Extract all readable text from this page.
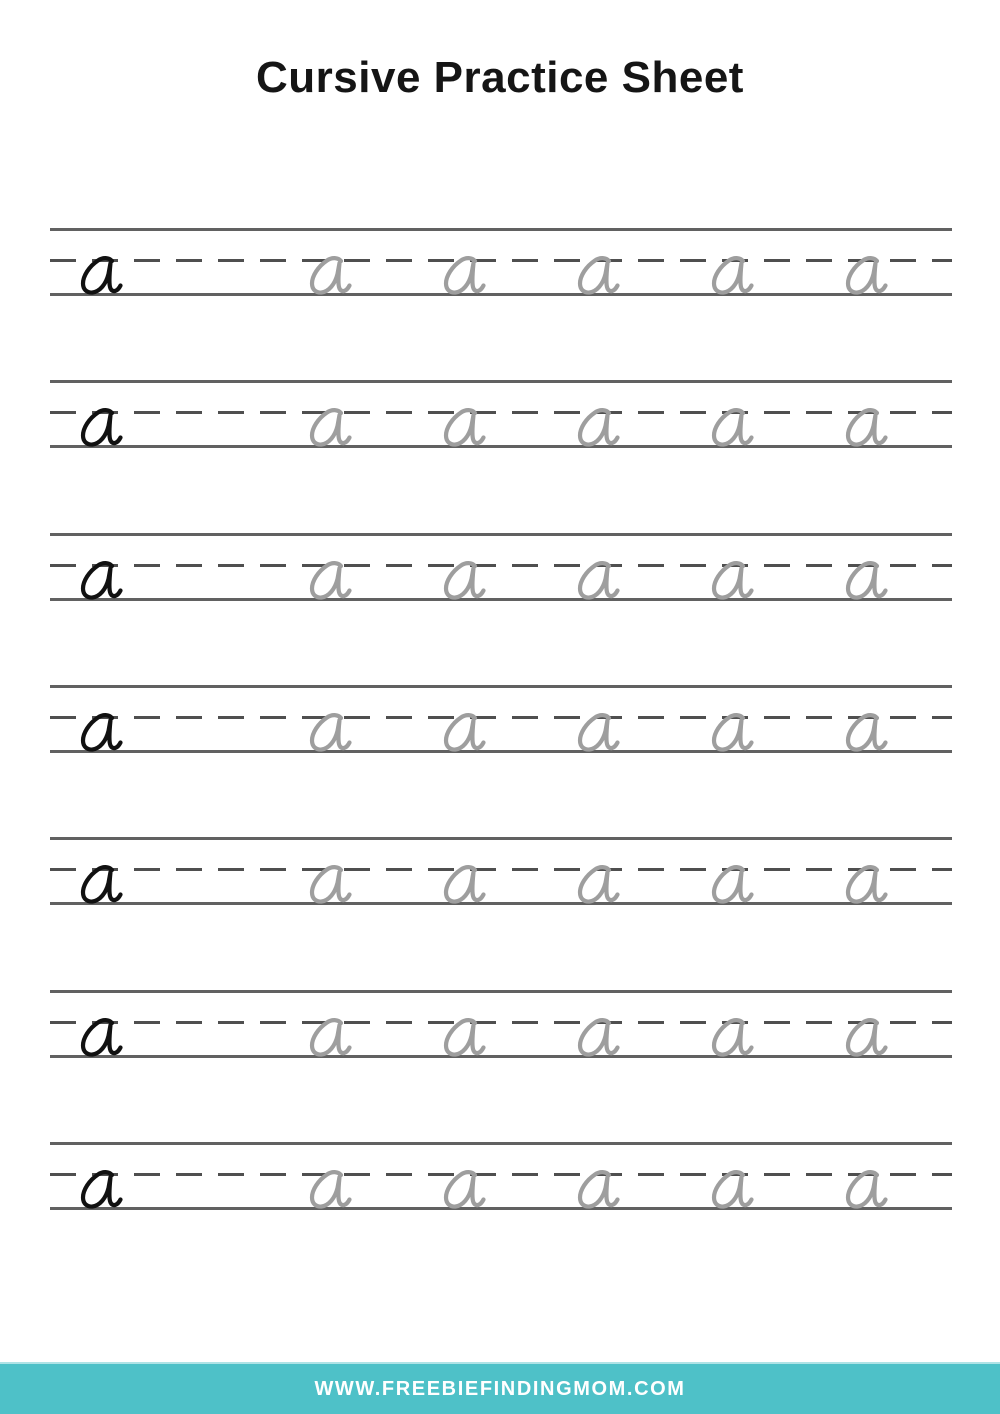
Cursive Practice Sheet
WWW.FREEBIEFINDINGMOM.COM
